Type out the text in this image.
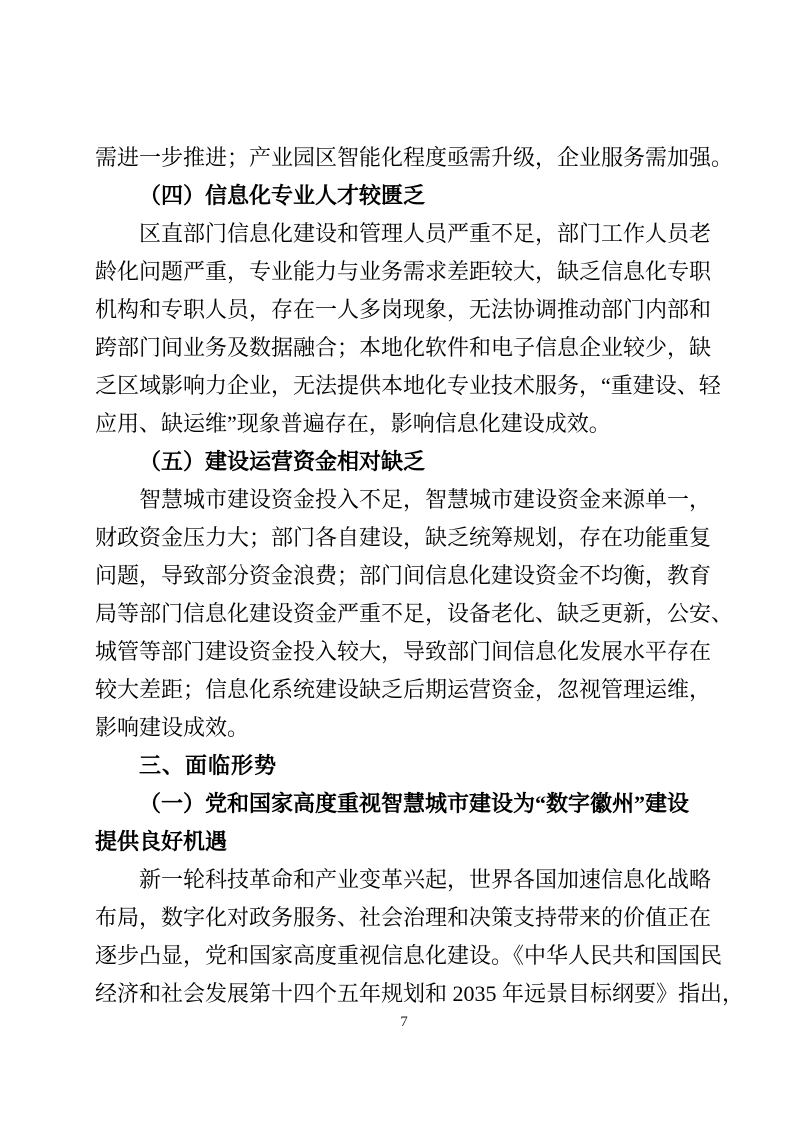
需进一步推进；产业园区智能化程度亟需升级，企业服务需加强。
（四）信息化专业人才较匮乏
区直部门信息化建设和管理人员严重不足，部门工作人员老
龄化问题严重，专业能力与业务需求差距较大，缺乏信息化专职
机构和专职人员，存在一人多岗现象，无法协调推动部门内部和
跨部门间业务及数据融合；本地化软件和电子信息企业较少，缺
乏区域影响力企业，无法提供本地化专业技术服务，“重建设、轻
应用、缺运维”现象普遍存在，影响信息化建设成效。
（五）建设运营资金相对缺乏
智慧城市建设资金投入不足，智慧城市建设资金来源单一，
财政资金压力大；部门各自建设，缺乏统筹规划，存在功能重复
问题，导致部分资金浪费；部门间信息化建设资金不均衡，教育
局等部门信息化建设资金严重不足，设备老化、缺乏更新，公安、
城管等部门建设资金投入较大，导致部门间信息化发展水平存在
较大差距；信息化系统建设缺乏后期运营资金，忽视管理运维，
影响建设成效。
三、面临形势
（一）党和国家高度重视智慧城市建设为“数字徽州”建设
提供良好机遇
新一轮科技革命和产业变革兴起，世界各国加速信息化战略
布局，数字化对政务服务、社会治理和决策支持带来的价值正在
逐步凸显，党和国家高度重视信息化建设。《中华人民共和国国民
经济和社会发展第十四个五年规划和 2035 年远景目标纲要》指出，
7
